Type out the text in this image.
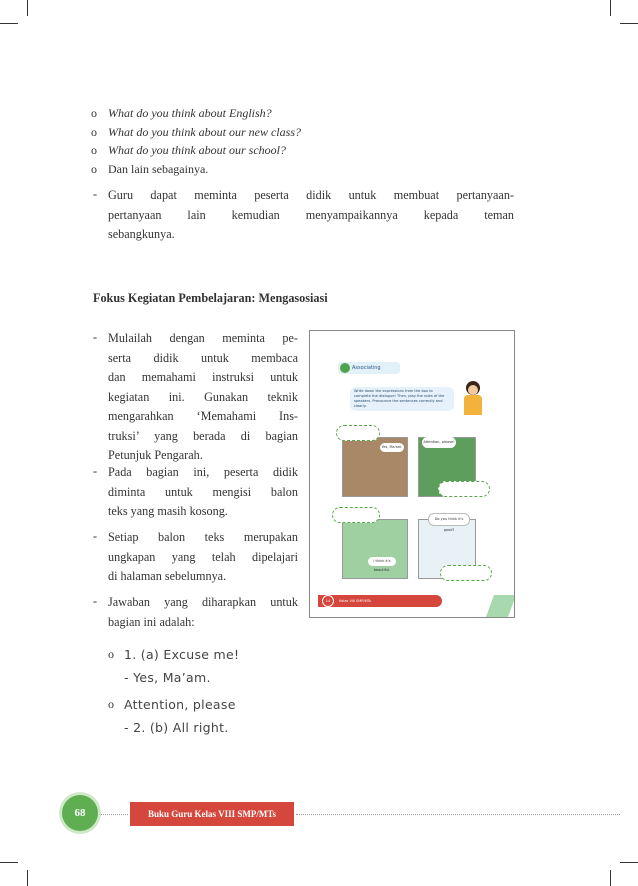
o What do you think about English?
o What do you think about our new class?
o What do you think about our school?
o Dan lain sebagainya.
- Guru dapat meminta peserta didik untuk membuat pertanyaan-
pertanyaan lain kemudian menyampaikannya kepada teman
sebangkunya.
Fokus Kegiatan Pembelajaran: Mengasosiasi
- Mulailah dengan meminta pe-
serta didik untuk membaca
dan memahami instruksi untuk
kegiatan ini. Gunakan teknik
mengarahkan ‘Memahami Ins-
truksi’ yang berada di bagian
Petunjuk Pengarah.
- Pada bagian ini, peserta didik
diminta untuk mengisi balon
teks yang masih kosong.
- Setiap balon teks merupakan
ungkapan yang telah dipelajari
di halaman sebelumnya.
- Jawaban yang diharapkan untuk
bagian ini adalah:
o 1. (a) Excuse me!
- Yes, Ma’am.
o Attention, please
- 2. (b) All right.
Associating
Write down the expressions from the box to complete the dialogue! Then, play the roles of the speakers. Pronounce the sentences correctly and clearly.
Yes, Ma'am.
Attention, please!
I think it's beautiful.
Do you think it's good?
14	Kelas VIII SMP/MTs
68	Buku Guru Kelas VIII SMP/MTs
